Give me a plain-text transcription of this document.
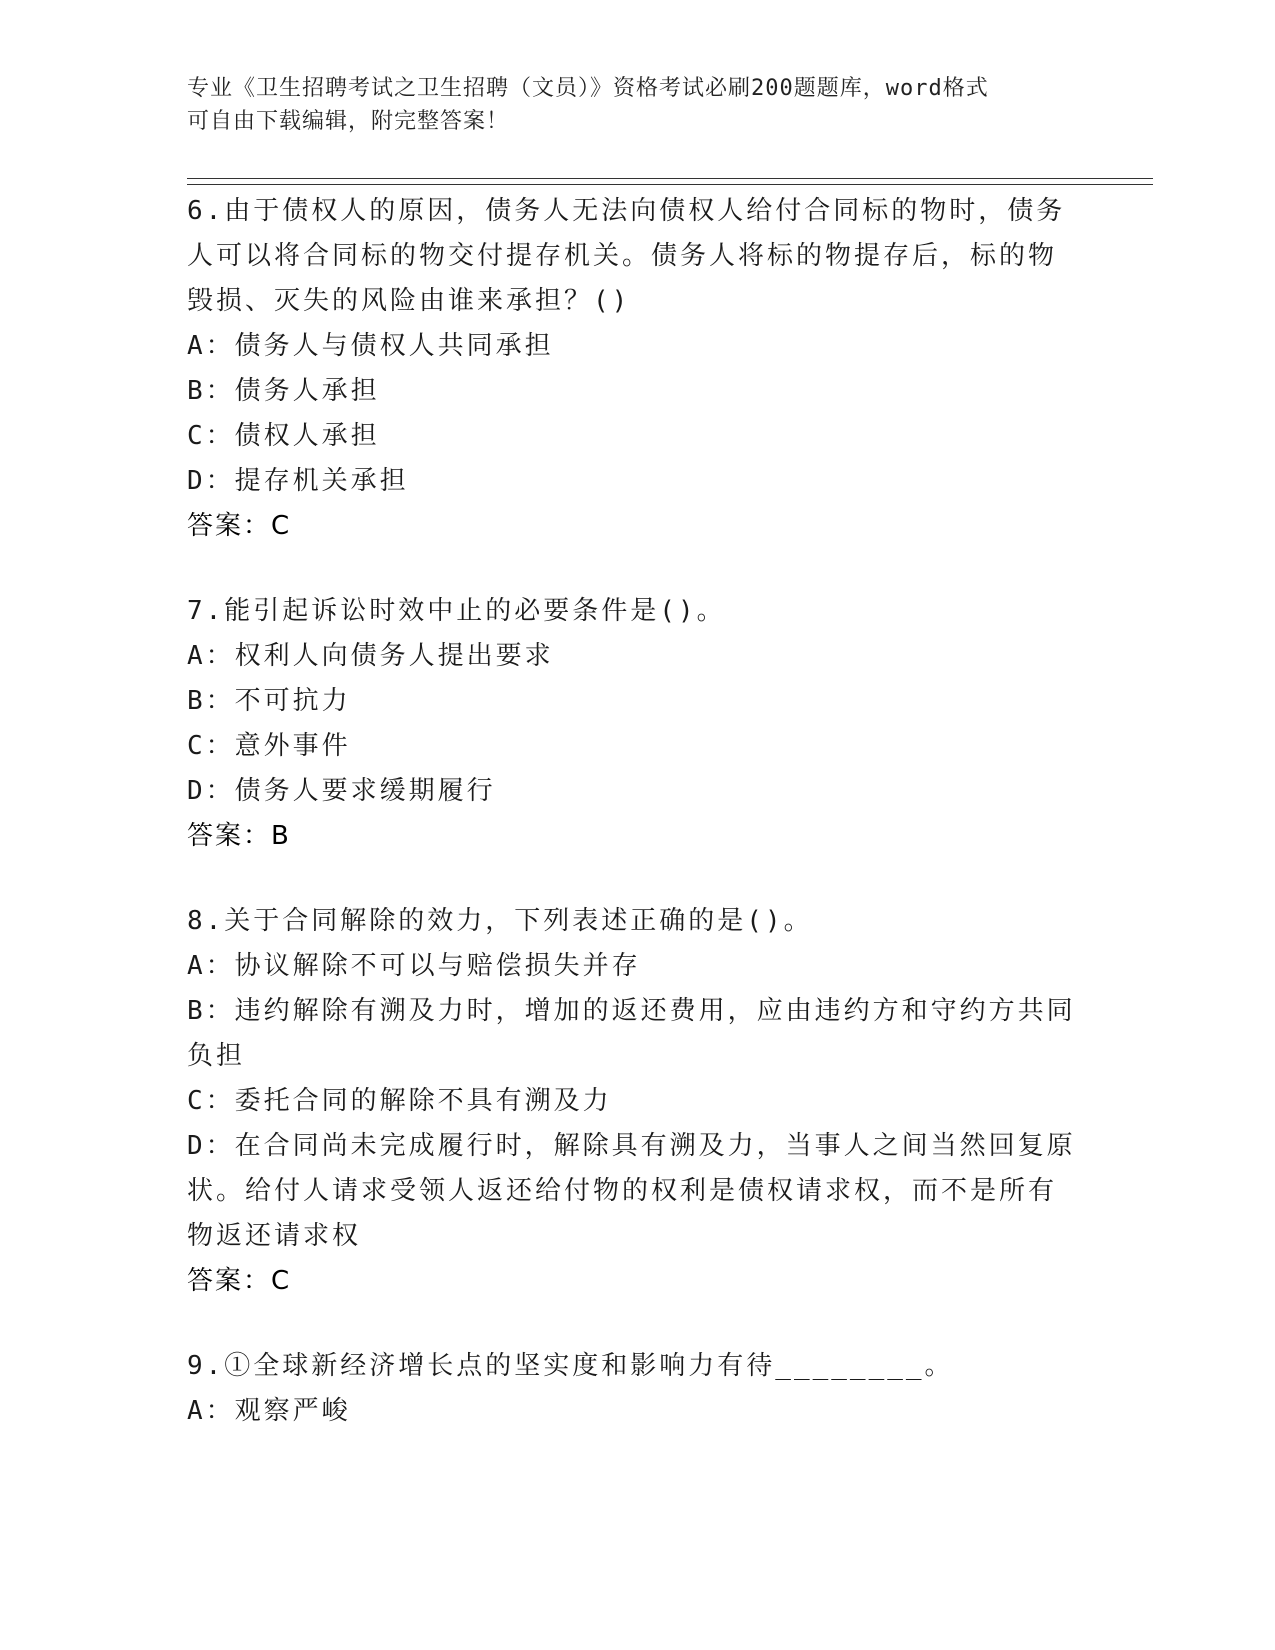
专业《卫生招聘考试之卫生招聘（文员）》资格考试必刷200题题库，word格式
可自由下载编辑，附完整答案！
6.由于债权人的原因，债务人无法向债权人给付合同标的物时，债务
人可以将合同标的物交付提存机关。债务人将标的物提存后，标的物
毁损、灭失的风险由谁来承担？()
A：债务人与债权人共同承担
B：债务人承担
C：债权人承担
D：提存机关承担
答案：C
7.能引起诉讼时效中止的必要条件是()。
A：权利人向债务人提出要求
B：不可抗力
C：意外事件
D：债务人要求缓期履行
答案：B
8.关于合同解除的效力，下列表述正确的是()。
A：协议解除不可以与赔偿损失并存
B：违约解除有溯及力时，增加的返还费用，应由违约方和守约方共同
负担
C：委托合同的解除不具有溯及力
D：在合同尚未完成履行时，解除具有溯及力，当事人之间当然回复原
状。给付人请求受领人返还给付物的权利是债权请求权，而不是所有
物返还请求权
答案：C
9.①全球新经济增长点的坚实度和影响力有待________。
A：观察严峻
